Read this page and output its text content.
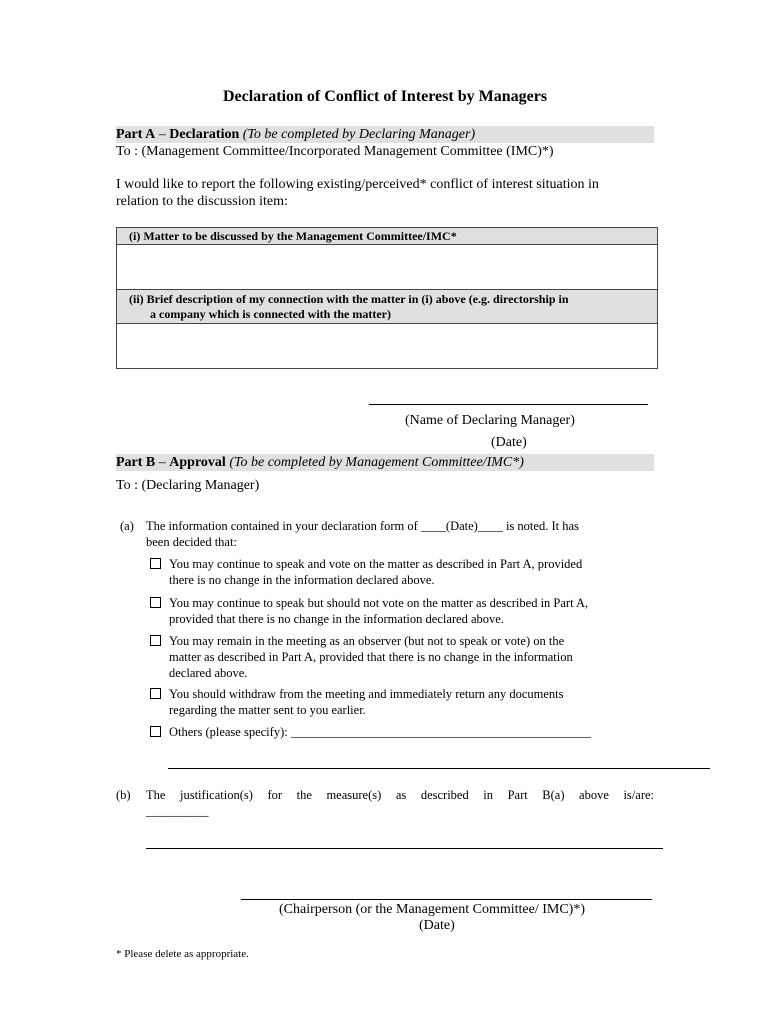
Declaration of Conflict of Interest by Managers
Part A – Declaration (To be completed by Declaring Manager)
To : (Management Committee/Incorporated Management Committee (IMC)*)
I would like to report the following existing/perceived* conflict of interest situation in
relation to the discussion item:
(i) Matter to be discussed by the Management Committee/IMC*
(ii) Brief description of my connection with the matter in (i) above (e.g. directorship in
a company which is connected with the matter)
(Name of Declaring Manager)
(Date)
Part B – Approval (To be completed by Management Committee/IMC*)
To : (Declaring Manager)
(a) The information contained in your declaration form of ____(Date)____ is noted. It has
been decided that:
You may continue to speak and vote on the matter as described in Part A, provided
there is no change in the information declared above.
You may continue to speak but should not vote on the matter as described in Part A,
provided that there is no change in the information declared above.
You may remain in the meeting as an observer (but not to speak or vote) on the
matter as described in Part A, provided that there is no change in the information
declared above.
You should withdraw from the meeting and immediately return any documents
regarding the matter sent to you earlier.
Others (please specify): ________________________________________________
(b) The justification(s) for the measure(s) as described in Part B(a) above is/are:
__________
(Chairperson (or the Management Committee/ IMC)*)
(Date)
* Please delete as appropriate.
